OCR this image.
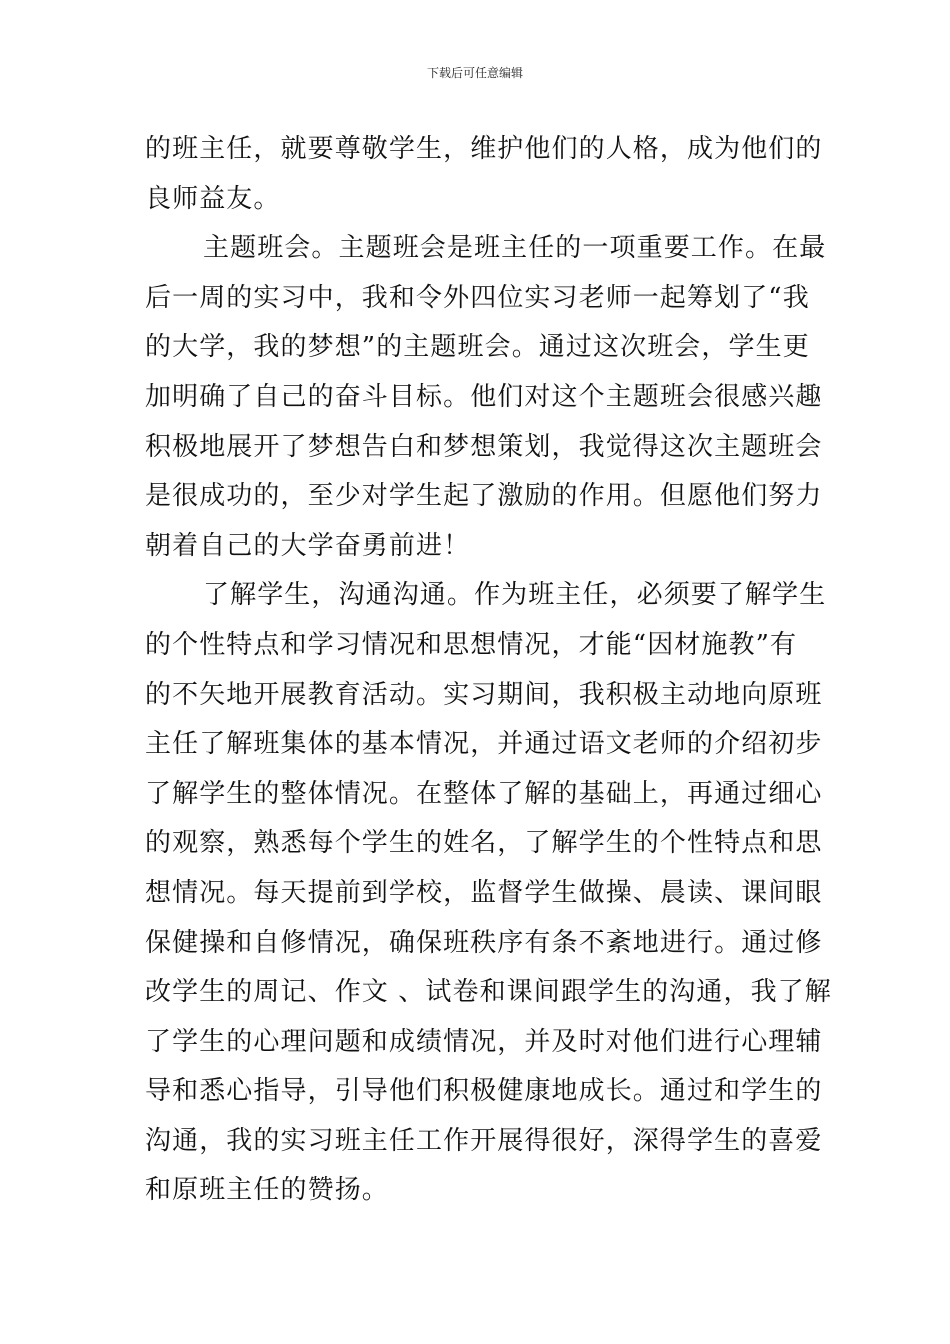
下载后可任意编辑
的班主任，就要尊敬学生，维护他们的人格，成为他们的
良师益友。
主题班会。主题班会是班主任的一项重要工作。在最
后一周的实习中，我和令外四位实习老师一起筹划了“我
的大学，我的梦想”的主题班会。通过这次班会，学生更
加明确了自己的奋斗目标。他们对这个主题班会很感兴趣
积极地展开了梦想告白和梦想策划，我觉得这次主题班会
是很成功的，至少对学生起了激励的作用。但愿他们努力
朝着自己的大学奋勇前进！
了解学生，沟通沟通。作为班主任，必须要了解学生
的个性特点和学习情况和思想情况，才能“因材施教”有
的不矢地开展教育活动。实习期间，我积极主动地向原班
主任了解班集体的基本情况，并通过语文老师的介绍初步
了解学生的整体情况。在整体了解的基础上，再通过细心
的观察，熟悉每个学生的姓名，了解学生的个性特点和思
想情况。每天提前到学校，监督学生做操、晨读、课间眼
保健操和自修情况，确保班秩序有条不紊地进行。通过修
改学生的周记、作文 、试卷和课间跟学生的沟通，我了解
了学生的心理问题和成绩情况，并及时对他们进行心理辅
导和悉心指导，引导他们积极健康地成长。通过和学生的
沟通，我的实习班主任工作开展得很好，深得学生的喜爱
和原班主任的赞扬。
